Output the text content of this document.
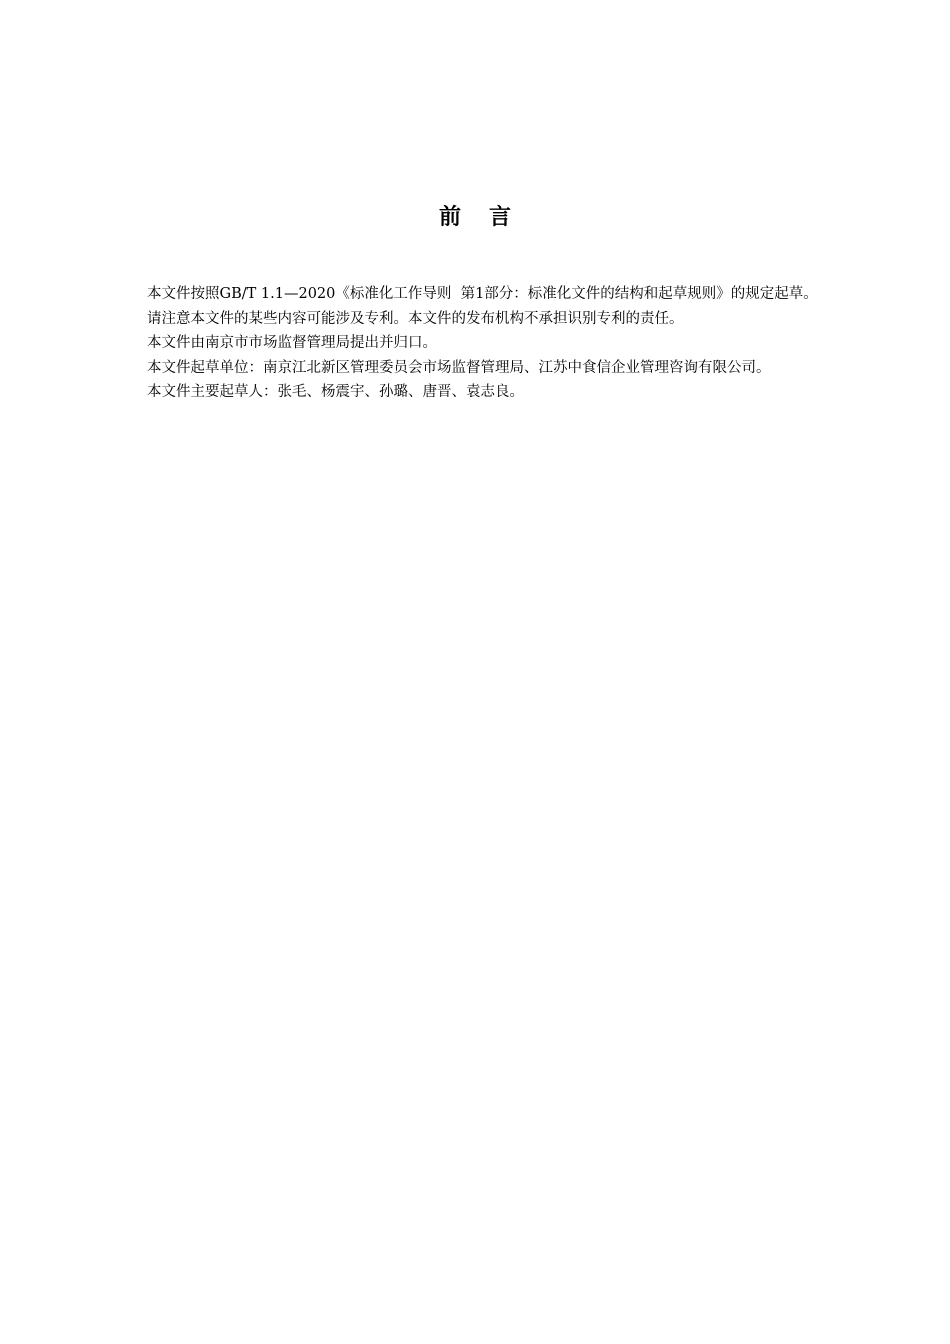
前 言

本文件按照GB/T 1.1—2020《标准化工作导则  第1部分：标准化文件的结构和起草规则》的规定起草。

请注意本文件的某些内容可能涉及专利。本文件的发布机构不承担识别专利的责任。

本文件由南京市市场监督管理局提出并归口。

本文件起草单位：南京江北新区管理委员会市场监督管理局、江苏中食信企业管理咨询有限公司。

本文件主要起草人：张毛、杨震宇、孙璐、唐晋、袁志良。
